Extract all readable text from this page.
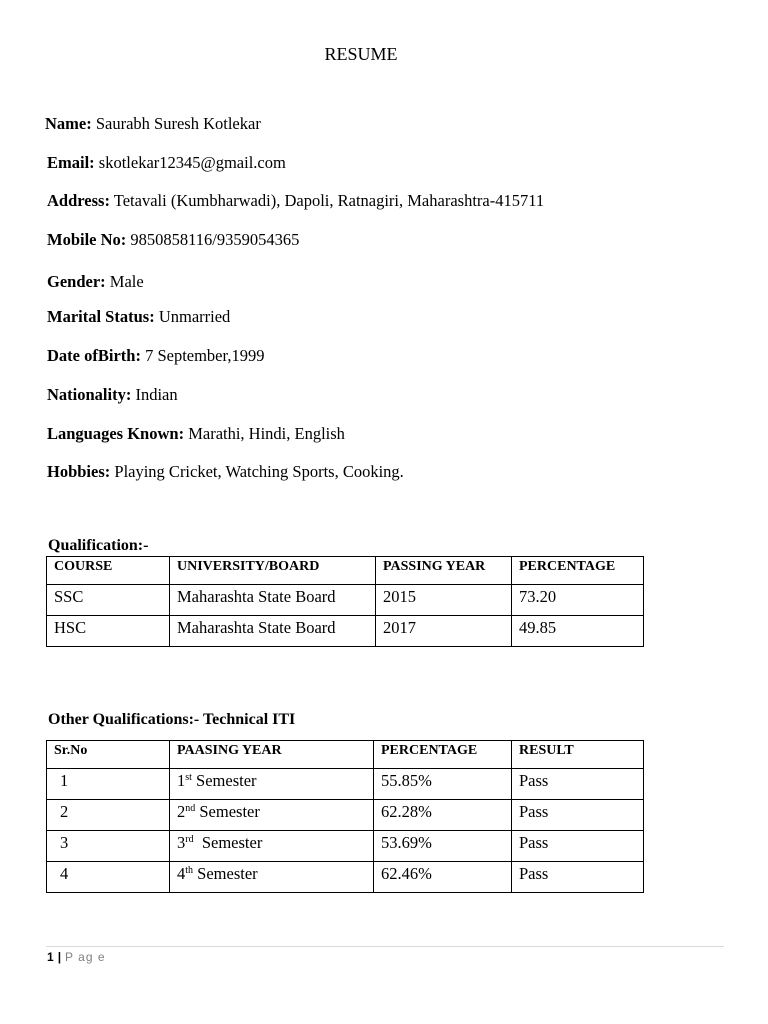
RESUME
Name: Saurabh Suresh Kotlekar
Email: skotlekar12345@gmail.com
Address: Tetavali (Kumbharwadi), Dapoli, Ratnagiri, Maharashtra-415711
Mobile No: 9850858116/9359054365
Gender: Male
Marital Status: Unmarried
Date ofBirth: 7 September,1999
Nationality: Indian
Languages Known: Marathi, Hindi, English
Hobbies: Playing Cricket, Watching Sports, Cooking.
Qualification:-
COURSE	UNIVERSITY/BOARD	PASSING YEAR	PERCENTAGE
SSC	Maharashta State Board	2015	73.20
HSC	Maharashta State Board	2017	49.85
Other Qualifications:- Technical ITI
Sr.No	PAASING YEAR	PERCENTAGE	RESULT
1	1st Semester	55.85%	Pass
2	2nd Semester	62.28%	Pass
3	3rd  Semester	53.69%	Pass
4	4th Semester	62.46%	Pass
1 | P ag e
